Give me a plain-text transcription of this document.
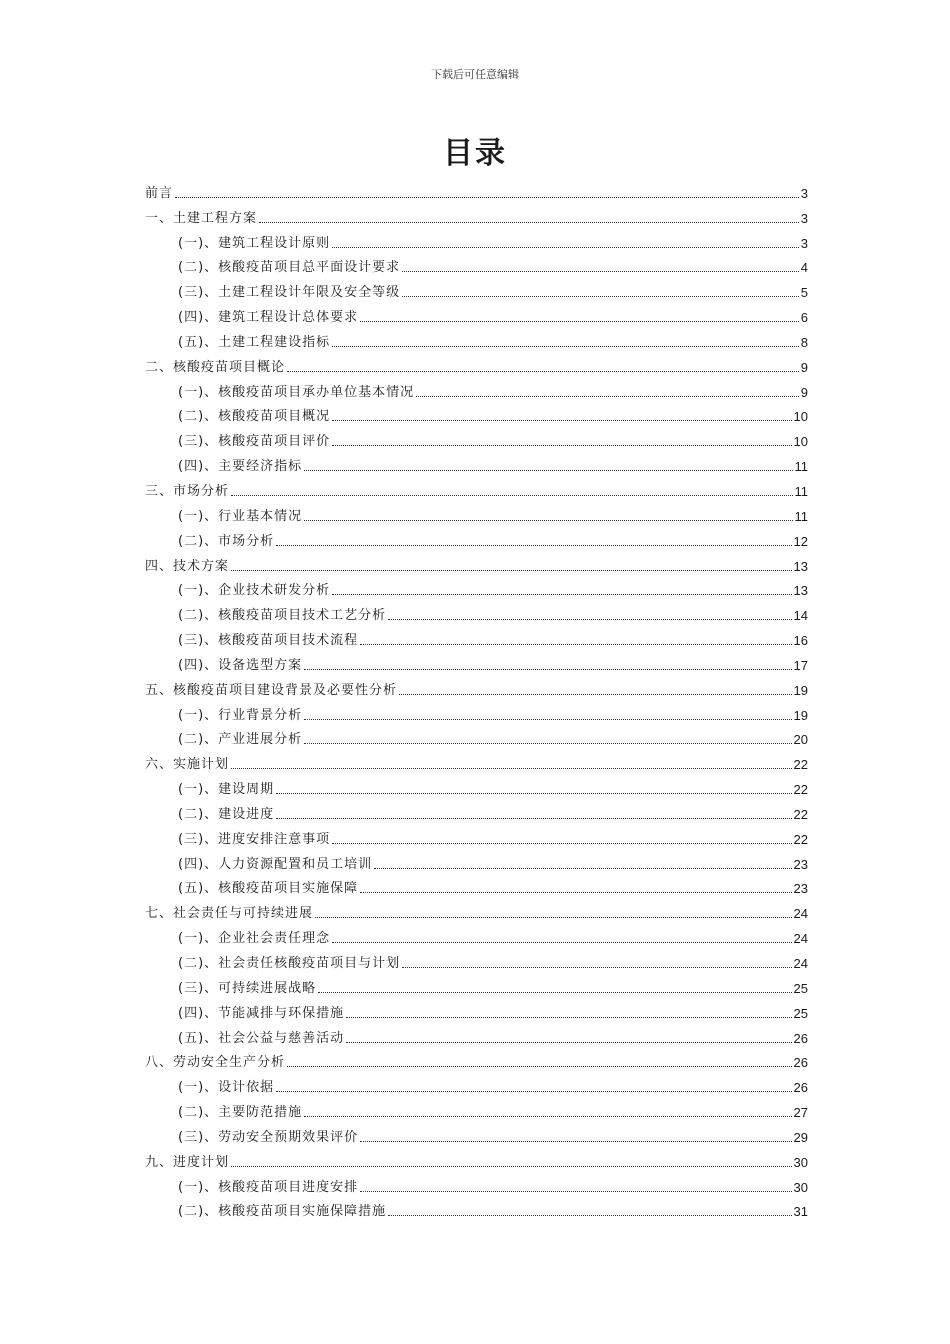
下载后可任意编辑
目录
前言	3
一、土建工程方案	3
(一)、建筑工程设计原则	3
(二)、核酸疫苗项目总平面设计要求	4
(三)、土建工程设计年限及安全等级	5
(四)、建筑工程设计总体要求	6
(五)、土建工程建设指标	8
二、核酸疫苗项目概论	9
(一)、核酸疫苗项目承办单位基本情况	9
(二)、核酸疫苗项目概况	10
(三)、核酸疫苗项目评价	10
(四)、主要经济指标	11
三、市场分析	11
(一)、行业基本情况	11
(二)、市场分析	12
四、技术方案	13
(一)、企业技术研发分析	13
(二)、核酸疫苗项目技术工艺分析	14
(三)、核酸疫苗项目技术流程	16
(四)、设备选型方案	17
五、核酸疫苗项目建设背景及必要性分析	19
(一)、行业背景分析	19
(二)、产业进展分析	20
六、实施计划	22
(一)、建设周期	22
(二)、建设进度	22
(三)、进度安排注意事项	22
(四)、人力资源配置和员工培训	23
(五)、核酸疫苗项目实施保障	23
七、社会责任与可持续进展	24
(一)、企业社会责任理念	24
(二)、社会责任核酸疫苗项目与计划	24
(三)、可持续进展战略	25
(四)、节能减排与环保措施	25
(五)、社会公益与慈善活动	26
八、劳动安全生产分析	26
(一)、设计依据	26
(二)、主要防范措施	27
(三)、劳动安全预期效果评价	29
九、进度计划	30
(一)、核酸疫苗项目进度安排	30
(二)、核酸疫苗项目实施保障措施	31
